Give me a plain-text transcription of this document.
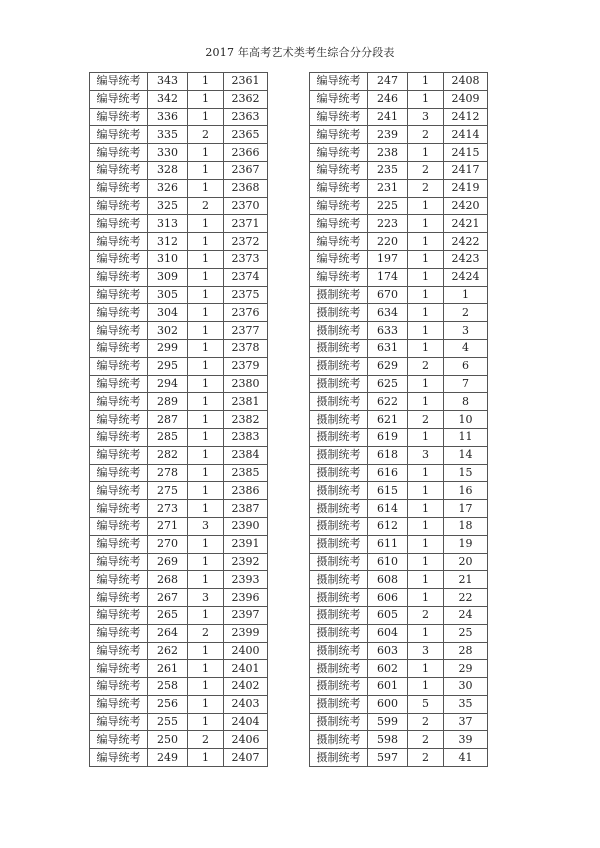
2017 年高考艺术类考生综合分分段表
编导统考	343	1	2361
编导统考	342	1	2362
编导统考	336	1	2363
编导统考	335	2	2365
编导统考	330	1	2366
编导统考	328	1	2367
编导统考	326	1	2368
编导统考	325	2	2370
编导统考	313	1	2371
编导统考	312	1	2372
编导统考	310	1	2373
编导统考	309	1	2374
编导统考	305	1	2375
编导统考	304	1	2376
编导统考	302	1	2377
编导统考	299	1	2378
编导统考	295	1	2379
编导统考	294	1	2380
编导统考	289	1	2381
编导统考	287	1	2382
编导统考	285	1	2383
编导统考	282	1	2384
编导统考	278	1	2385
编导统考	275	1	2386
编导统考	273	1	2387
编导统考	271	3	2390
编导统考	270	1	2391
编导统考	269	1	2392
编导统考	268	1	2393
编导统考	267	3	2396
编导统考	265	1	2397
编导统考	264	2	2399
编导统考	262	1	2400
编导统考	261	1	2401
编导统考	258	1	2402
编导统考	256	1	2403
编导统考	255	1	2404
编导统考	250	2	2406
编导统考	249	1	2407
编导统考	247	1	2408
编导统考	246	1	2409
编导统考	241	3	2412
编导统考	239	2	2414
编导统考	238	1	2415
编导统考	235	2	2417
编导统考	231	2	2419
编导统考	225	1	2420
编导统考	223	1	2421
编导统考	220	1	2422
编导统考	197	1	2423
编导统考	174	1	2424
摄制统考	670	1	1
摄制统考	634	1	2
摄制统考	633	1	3
摄制统考	631	1	4
摄制统考	629	2	6
摄制统考	625	1	7
摄制统考	622	1	8
摄制统考	621	2	10
摄制统考	619	1	11
摄制统考	618	3	14
摄制统考	616	1	15
摄制统考	615	1	16
摄制统考	614	1	17
摄制统考	612	1	18
摄制统考	611	1	19
摄制统考	610	1	20
摄制统考	608	1	21
摄制统考	606	1	22
摄制统考	605	2	24
摄制统考	604	1	25
摄制统考	603	3	28
摄制统考	602	1	29
摄制统考	601	1	30
摄制统考	600	5	35
摄制统考	599	2	37
摄制统考	598	2	39
摄制统考	597	2	41
